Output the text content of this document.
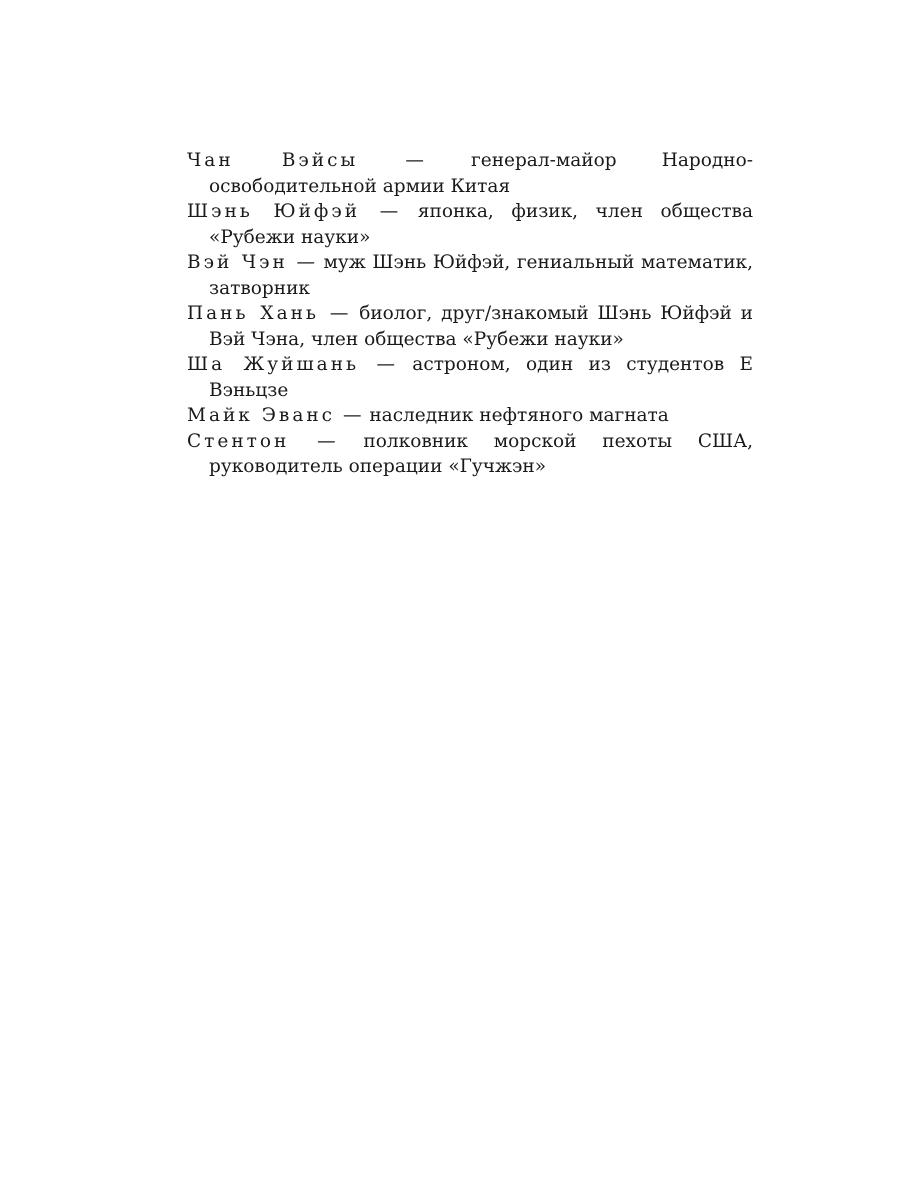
Чан Вэйсы	—	генерал-майор Народно-освободительной армии Китая
Шэнь Юйфэй — японка, физик, член общества «Рубежи науки»
Вэй Чэн — муж Шэнь Юйфэй, гениальный математик, затворник
Пань Хань — биолог, друг/знакомый Шэнь Юйфэй и Вэй Чэна, член общества «Рубежи науки»
Ша Жуйшань — астроном, один из студентов Е Вэньцзе
Майк Эванс — наследник нефтяного магната
Стентон — полковник морской пехоты США, руководитель операции «Гучжэн»
